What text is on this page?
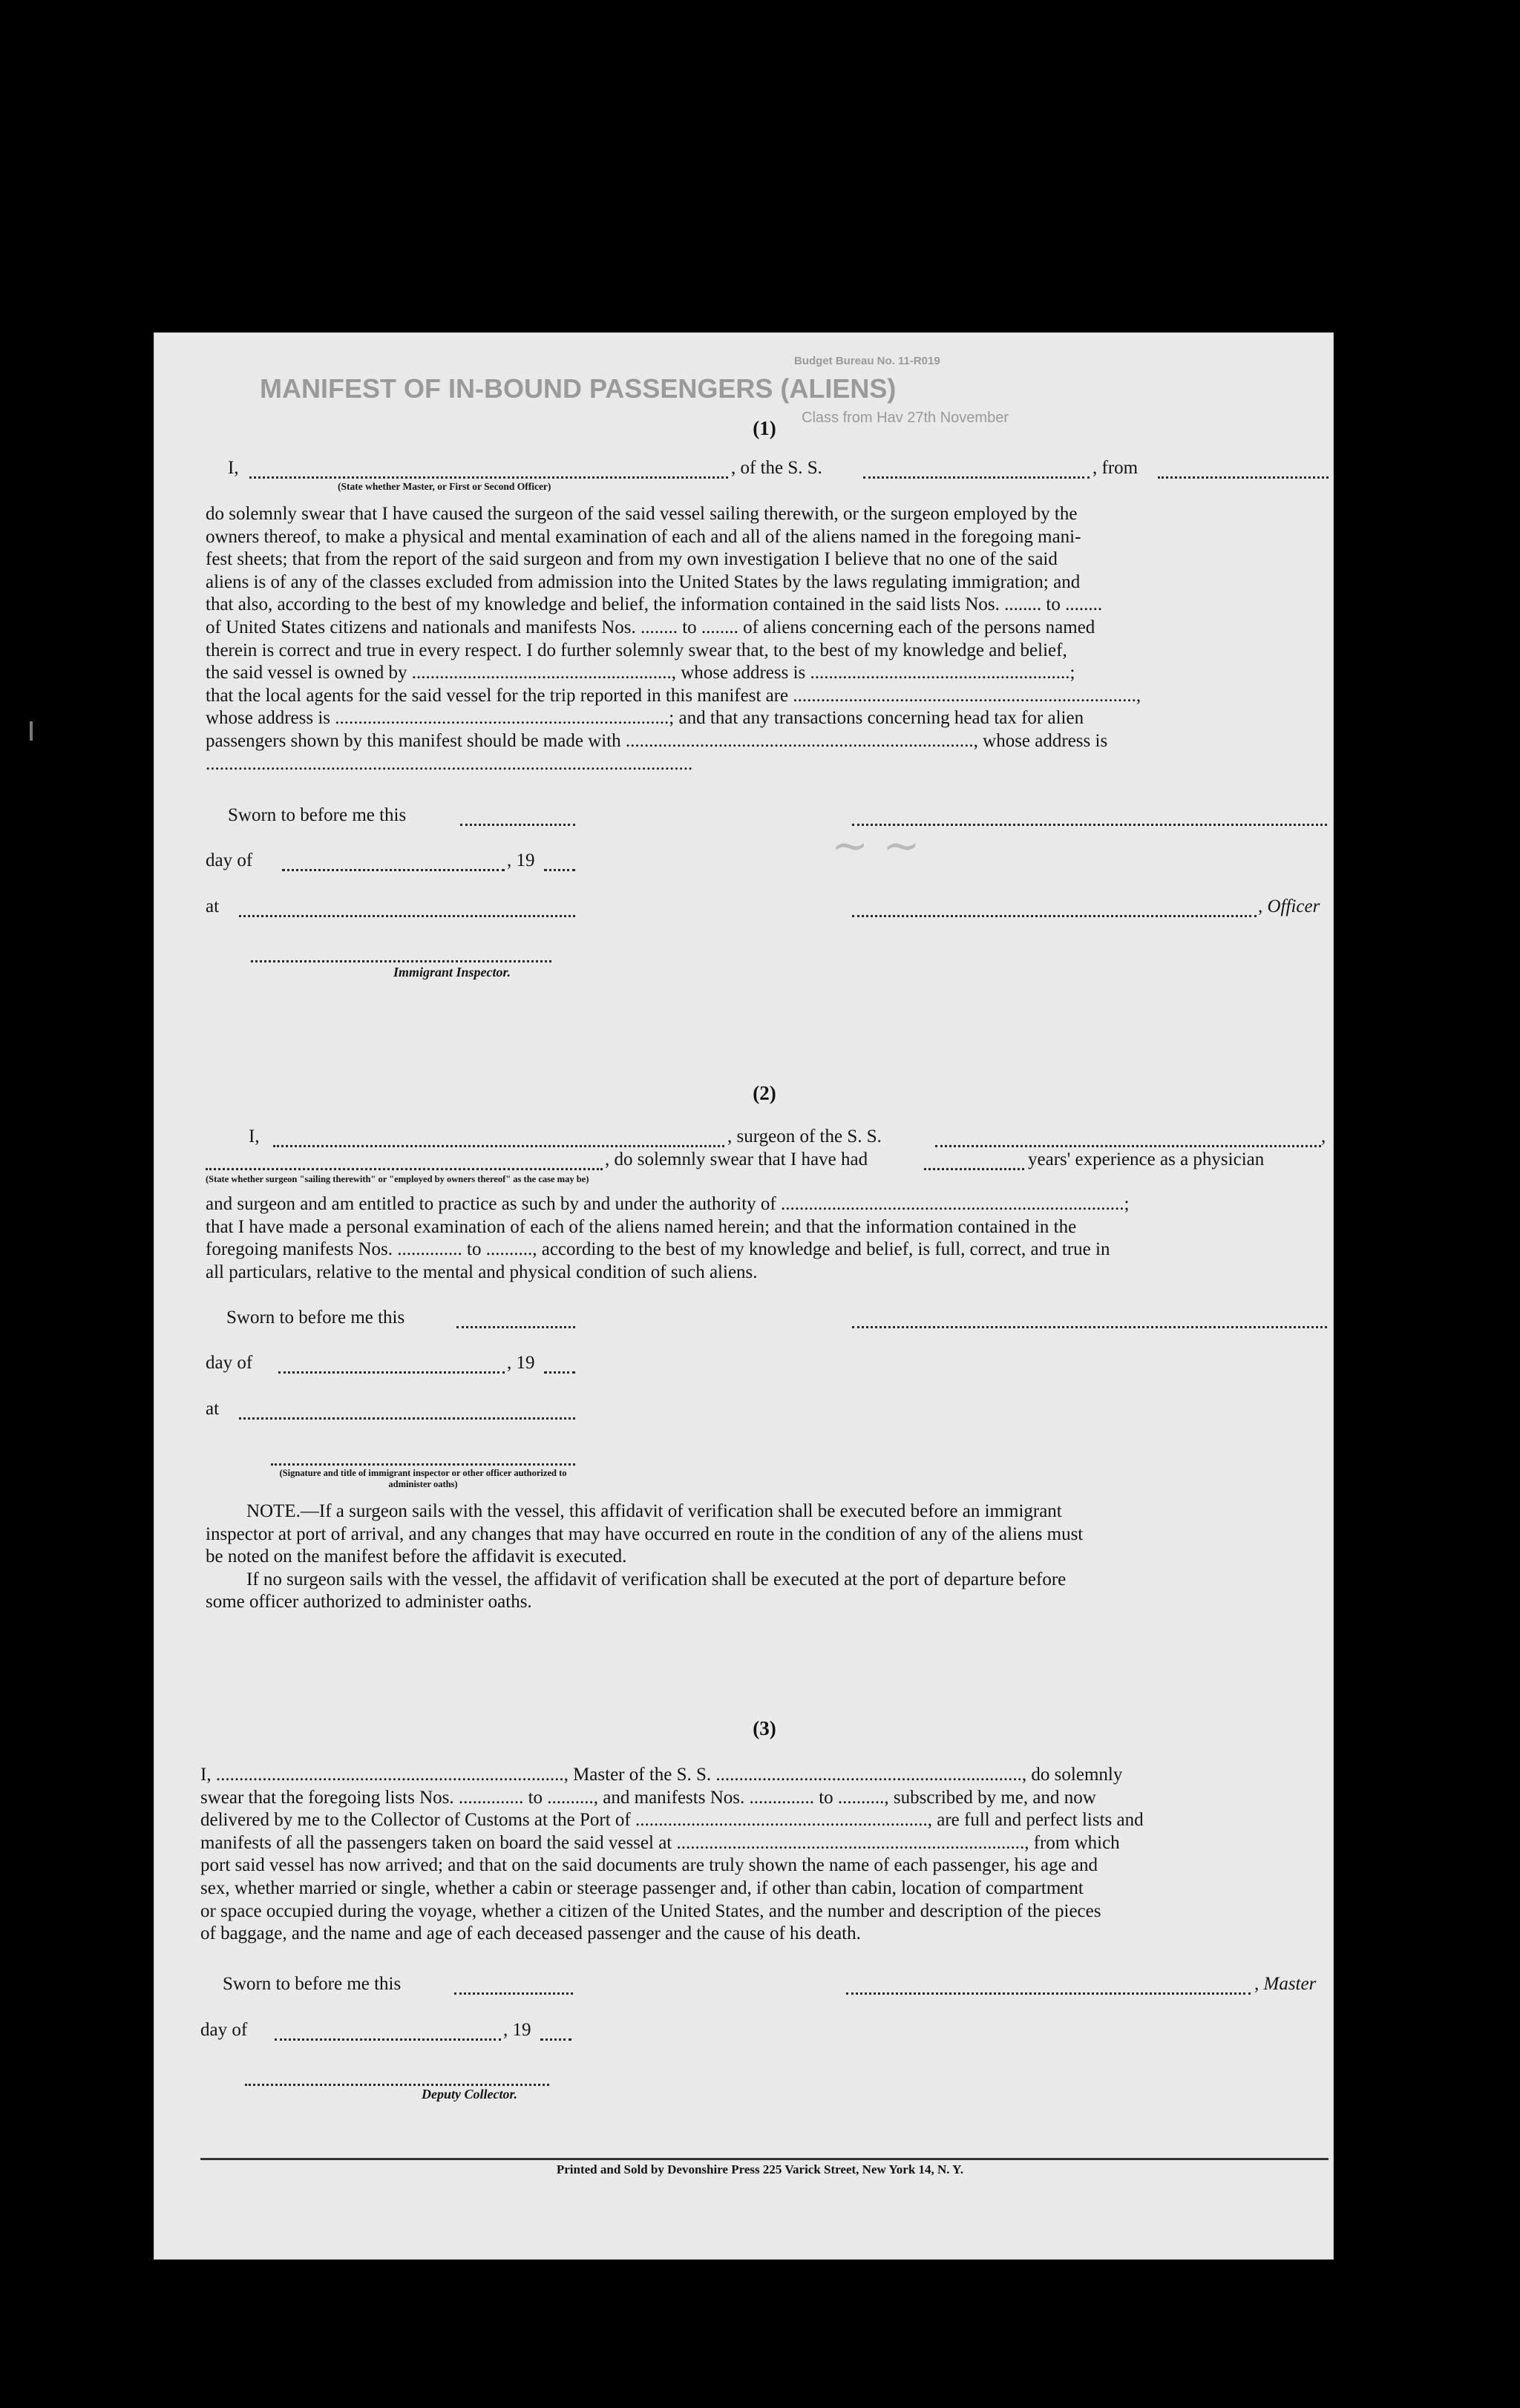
MANIFEST OF IN-BOUND PASSENGERS (ALIENS)
Budget Bureau No. 11-R019
Class from Hav 27th November
~ ~
(1)
I,	, of the S. S.	, from
(State whether Master, or First or Second Officer)
do solemnly swear that I have caused the surgeon of the said vessel sailing therewith, or the surgeon employed by the
owners thereof, to make a physical and mental examination of each and all of the aliens named in the foregoing mani-
fest sheets; that from the report of the said surgeon and from my own investigation I believe that no one of the said
aliens is of any of the classes excluded from admission into the United States by the laws regulating immigration; and
that also, according to the best of my knowledge and belief, the information contained in the said lists Nos. ........ to ........
of United States citizens and nationals and manifests Nos. ........ to ........ of aliens concerning each of the persons named
therein is correct and true in every respect. I do further solemnly swear that, to the best of my knowledge and belief,
the said vessel is owned by ........................................................, whose address is ........................................................;
that the local agents for the said vessel for the trip reported in this manifest are ..........................................................................,
whose address is ........................................................................; and that any transactions concerning head tax for alien
passengers shown by this manifest should be made with ..........................................................................., whose address is
.........................................................................................................
Sworn to before me this
day of	, 19
at	, Officer
Immigrant Inspector.
(2)
I,	, surgeon of the S. S.	,
, do solemnly swear that I have had	years' experience as a physician
(State whether surgeon "sailing therewith" or "employed by owners thereof" as the case may be)
and surgeon and am entitled to practice as such by and under the authority of ..........................................................................;
that I have made a personal examination of each of the aliens named herein; and that the information contained in the
foregoing manifests Nos. .............. to .........., according to the best of my knowledge and belief, is full, correct, and true in
all particulars, relative to the mental and physical condition of such aliens.
Sworn to before me this
day of	, 19
at
(Signature and title of immigrant inspector or other officer authorized to administer oaths)
NOTE.—If a surgeon sails with the vessel, this affidavit of verification shall be executed before an immigrant
inspector at port of arrival, and any changes that may have occurred en route in the condition of any of the aliens must
be noted on the manifest before the affidavit is executed.
If no surgeon sails with the vessel, the affidavit of verification shall be executed at the port of departure before
some officer authorized to administer oaths.
(3)
I, ..........................................................................., Master of the S. S. .................................................................., do solemnly
swear that the foregoing lists Nos. .............. to .........., and manifests Nos. .............. to .........., subscribed by me, and now
delivered by me to the Collector of Customs at the Port of ..............................................................., are full and perfect lists and
manifests of all the passengers taken on board the said vessel at ..........................................................................., from which
port said vessel has now arrived; and that on the said documents are truly shown the name of each passenger, his age and
sex, whether married or single, whether a cabin or steerage passenger and, if other than cabin, location of compartment
or space occupied during the voyage, whether a citizen of the United States, and the number and description of the pieces
of baggage, and the name and age of each deceased passenger and the cause of his death.
Sworn to before me this	, Master
day of	, 19
Deputy Collector.
Printed and Sold by Devonshire Press 225 Varick Street, New York 14, N. Y.
